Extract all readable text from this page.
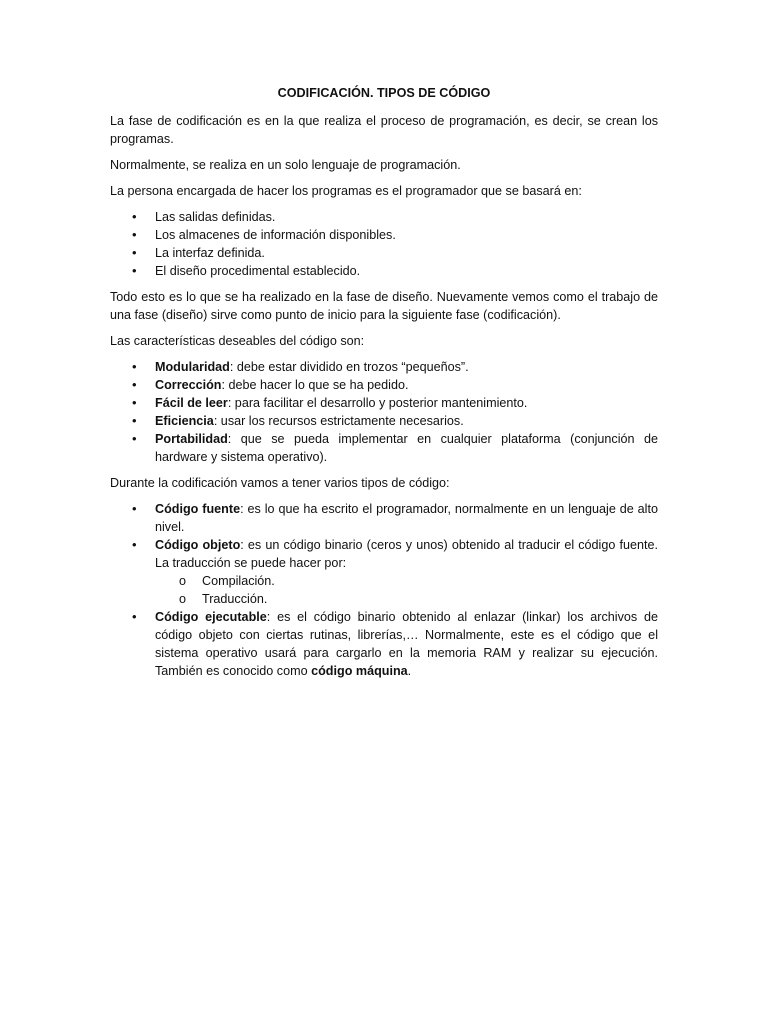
CODIFICACIÓN. TIPOS DE CÓDIGO

La fase de codificación es en la que realiza el proceso de programación, es decir, se crean los programas.

Normalmente, se realiza en un solo lenguaje de programación.

La persona encargada de hacer los programas es el programador que se basará en:

• Las salidas definidas.
• Los almacenes de información disponibles.
• La interfaz definida.
• El diseño procedimental establecido.

Todo esto es lo que se ha realizado en la fase de diseño. Nuevamente vemos como el trabajo de una fase (diseño) sirve como punto de inicio para la siguiente fase (codificación).

Las características deseables del código son:

• Modularidad: debe estar dividido en trozos “pequeños”.
• Corrección: debe hacer lo que se ha pedido.
• Fácil de leer: para facilitar el desarrollo y posterior mantenimiento.
• Eficiencia: usar los recursos estrictamente necesarios.
• Portabilidad: que se pueda implementar en cualquier plataforma (conjunción de hardware y sistema operativo).

Durante la codificación vamos a tener varios tipos de código:

• Código fuente: es lo que ha escrito el programador, normalmente en un lenguaje de alto nivel.
• Código objeto: es un código binario (ceros y unos) obtenido al traducir el código fuente. La traducción se puede hacer por:
o Compilación.
o Traducción.
• Código ejecutable: es el código binario obtenido al enlazar (linkar) los archivos de código objeto con ciertas rutinas, librerías,… Normalmente, este es el código que el sistema operativo usará para cargarlo en la memoria RAM y realizar su ejecución. También es conocido como código máquina.
